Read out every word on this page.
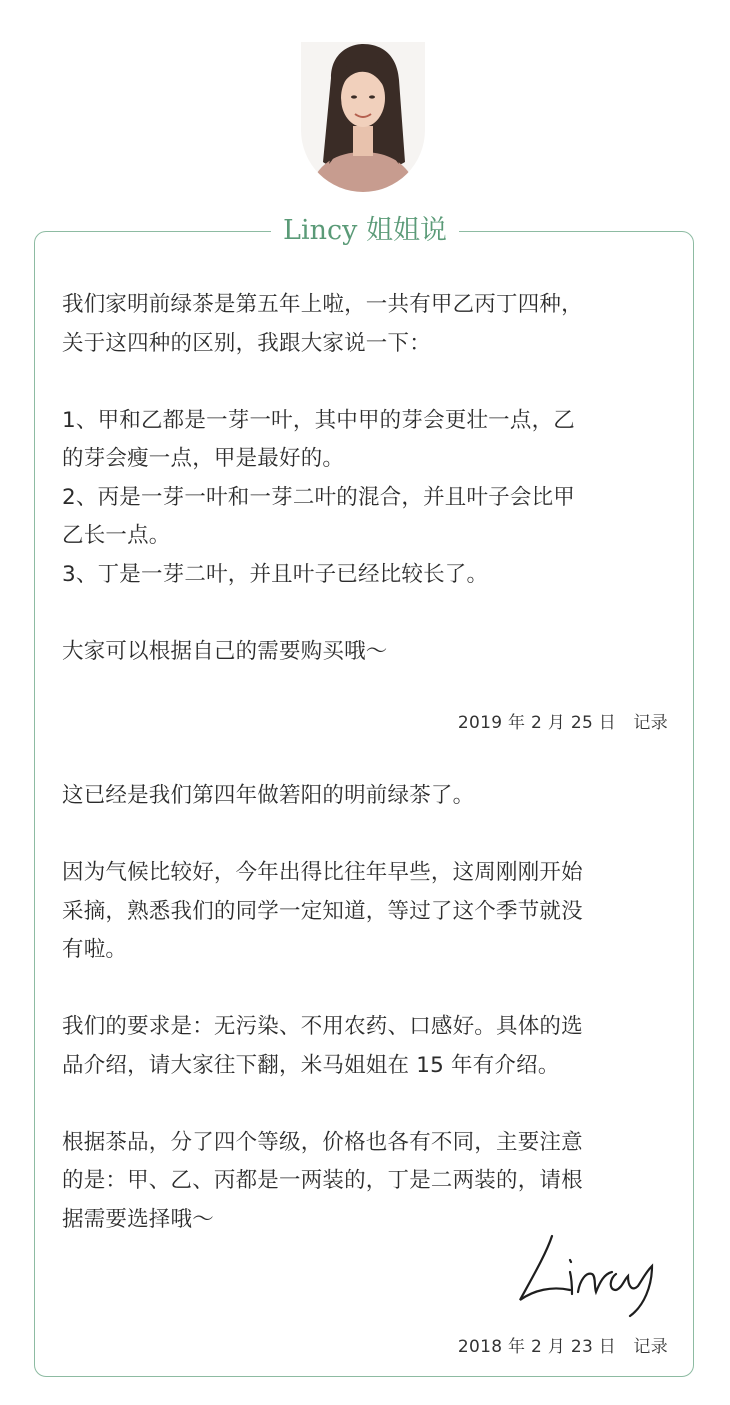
Lincy 姐姐说

我们家明前绿茶是第五年上啦，一共有甲乙丙丁四种，

关于这四种的区别，我跟大家说一下：

1、甲和乙都是一芽一叶，其中甲的芽会更壮一点，乙

的芽会瘦一点，甲是最好的。

2、丙是一芽一叶和一芽二叶的混合，并且叶子会比甲

乙长一点。

3、丁是一芽二叶，并且叶子已经比较长了。

大家可以根据自己的需要购买哦～

2019 年 2 月 25 日　记录

这已经是我们第四年做箬阳的明前绿茶了。

因为气候比较好，今年出得比往年早些，这周刚刚开始

采摘，熟悉我们的同学一定知道，等过了这个季节就没

有啦。

我们的要求是：无污染、不用农药、口感好。具体的选

品介绍，请大家往下翻，米马姐姐在 15 年有介绍。

根据茶品，分了四个等级，价格也各有不同，主要注意

的是：甲、乙、丙都是一两装的，丁是二两装的，请根

据需要选择哦～

2018 年 2 月 23 日　记录
